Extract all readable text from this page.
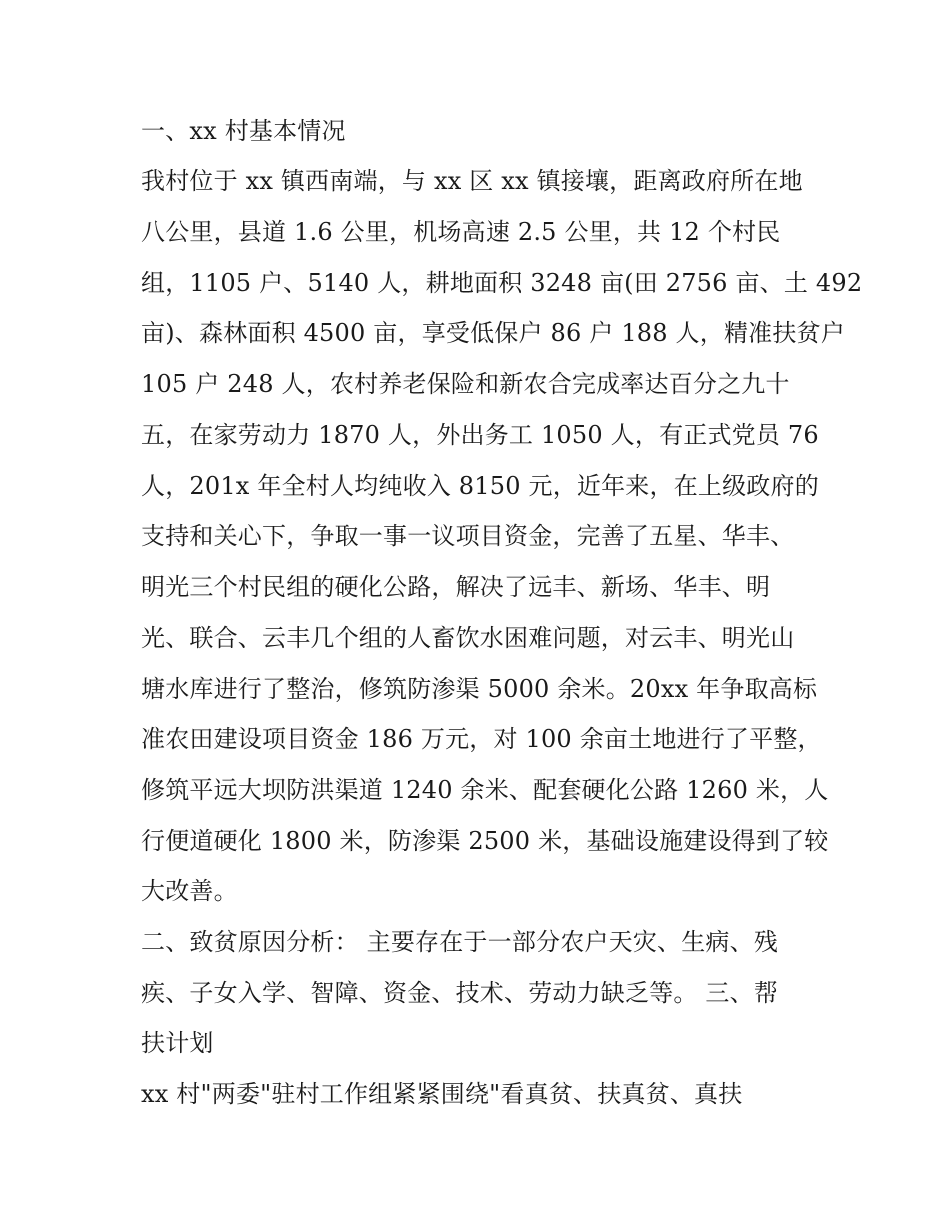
一、xx 村基本情况
我村位于 xx 镇西南端，与 xx 区 xx 镇接壤，距离政府所在地
八公里，县道 1.6 公里，机场高速 2.5 公里，共 12 个村民
组，1105 户、5140 人，耕地面积 3248 亩(田 2756 亩、土 492
亩)、森林面积 4500 亩，享受低保户 86 户 188 人，精准扶贫户
105 户 248 人，农村养老保险和新农合完成率达百分之九十
五，在家劳动力 1870 人，外出务工 1050 人，有正式党员 76
人，201x 年全村人均纯收入 8150 元，近年来，在上级政府的
支持和关心下，争取一事一议项目资金，完善了五星、华丰、
明光三个村民组的硬化公路，解决了远丰、新场、华丰、明
光、联合、云丰几个组的人畜饮水困难问题，对云丰、明光山
塘水库进行了整治，修筑防渗渠 5000 余米。20xx 年争取高标
准农田建设项目资金 186 万元，对 100 余亩土地进行了平整，
修筑平远大坝防洪渠道 1240 余米、配套硬化公路 1260 米，人
行便道硬化 1800 米，防渗渠 2500 米，基础设施建设得到了较
大改善。
二、致贫原因分析： 主要存在于一部分农户天灾、生病、残
疾、子女入学、智障、资金、技术、劳动力缺乏等。 三、帮
扶计划
xx 村"两委"驻村工作组紧紧围绕"看真贫、扶真贫、真扶
